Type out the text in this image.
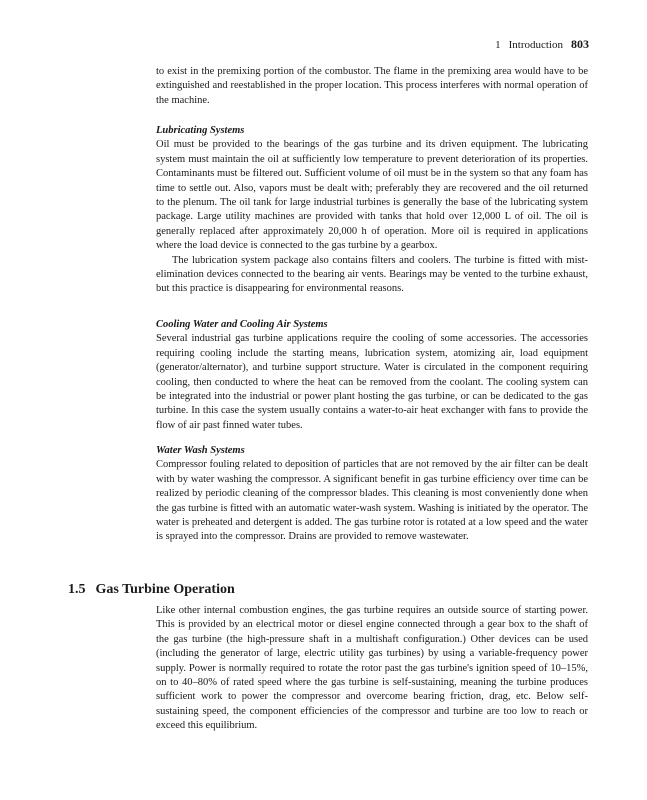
1 Introduction 803

to exist in the premixing portion of the combustor. The flame in the premixing area would have to be extinguished and reestablished in the proper location. This process interferes with normal operation of the machine.

Lubricating Systems

Oil must be provided to the bearings of the gas turbine and its driven equipment. The lubricating system must maintain the oil at sufficiently low temperature to prevent deterioration of its properties. Contaminants must be filtered out. Sufficient volume of oil must be in the system so that any foam has time to settle out. Also, vapors must be dealt with; preferably they are recovered and the oil returned to the plenum. The oil tank for large industrial turbines is generally the base of the lubricating system package. Large utility machines are provided with tanks that hold over 12,000 L of oil. The oil is generally replaced after approximately 20,000 h of operation. More oil is required in applications where the load device is connected to the gas turbine by a gearbox.

The lubrication system package also contains filters and coolers. The turbine is fitted with mist-elimination devices connected to the bearing air vents. Bearings may be vented to the turbine exhaust, but this practice is disappearing for environmental reasons.

Cooling Water and Cooling Air Systems

Several industrial gas turbine applications require the cooling of some accessories. The accessories requiring cooling include the starting means, lubrication system, atomizing air, load equipment (generator/alternator), and turbine support structure. Water is circulated in the component requiring cooling, then conducted to where the heat can be removed from the coolant. The cooling system can be integrated into the industrial or power plant hosting the gas turbine, or can be dedicated to the gas turbine. In this case the system usually contains a water-to-air heat exchanger with fans to provide the flow of air past finned water tubes.

Water Wash Systems

Compressor fouling related to deposition of particles that are not removed by the air filter can be dealt with by water washing the compressor. A significant benefit in gas turbine efficiency over time can be realized by periodic cleaning of the compressor blades. This cleaning is most conveniently done when the gas turbine is fitted with an automatic water-wash system. Washing is initiated by the operator. The water is preheated and detergent is added. The gas turbine rotor is rotated at a low speed and the water is sprayed into the compressor. Drains are provided to remove wastewater.

1.5 Gas Turbine Operation

Like other internal combustion engines, the gas turbine requires an outside source of starting power. This is provided by an electrical motor or diesel engine connected through a gear box to the shaft of the gas turbine (the high-pressure shaft in a multishaft configuration.) Other devices can be used (including the generator of large, electric utility gas turbines) by using a variable-frequency power supply. Power is normally required to rotate the rotor past the gas turbine's ignition speed of 10–15%, on to 40–80% of rated speed where the gas turbine is self-sustaining, meaning the turbine produces sufficient work to power the compressor and overcome bearing friction, drag, etc. Below self-sustaining speed, the component efficiencies of the compressor and turbine are too low to reach or exceed this equilibrium.
